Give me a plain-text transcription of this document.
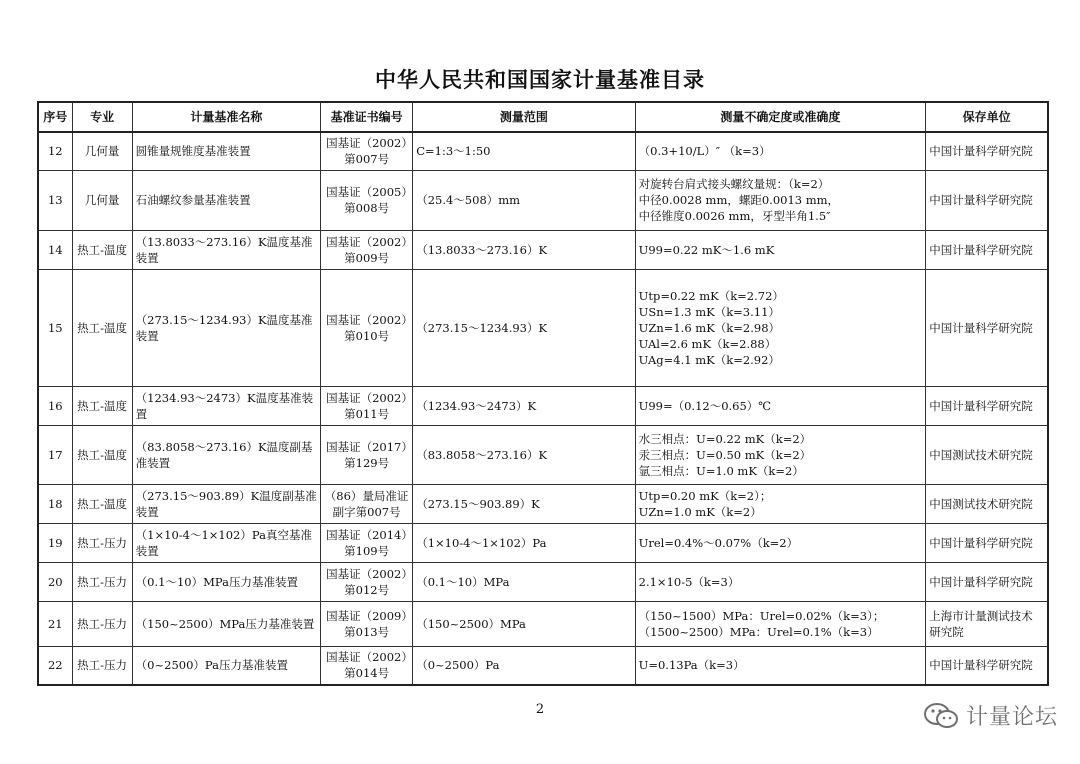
中华人民共和国国家计量基准目录
序号	专业	计量基准名称	基准证书编号	测量范围	测量不确定度或准确度	保存单位
12	几何量	圆锥量规锥度基准装置	国基证（2002）第007号	C=1:3～1:50	（0.3+10/L）″ （k=3）	中国计量科学研究院
13	几何量	石油螺纹参量基准装置	国基证（2005）第008号	（25.4～508）mm	对旋转台肩式接头螺纹量规：（k=2）
中径0.0028 mm，螺距0.0013 mm，
中径锥度0.0026 mm，牙型半角1.5″	中国计量科学研究院
14	热工-温度	（13.8033～273.16）K温度基准装置	国基证（2002）第009号	（13.8033～273.16）K	U99=0.22 mK～1.6 mK	中国计量科学研究院
15	热工-温度	（273.15～1234.93）K温度基准装置	国基证（2002）第010号	（273.15～1234.93）K	Utp=0.22 mK（k=2.72）
USn=1.3 mK（k=3.11）
UZn=1.6 mK（k=2.98）
UAl=2.6 mK（k=2.88）
UAg=4.1 mK（k=2.92）	中国计量科学研究院
16	热工-温度	（1234.93～2473）K温度基准装置	国基证（2002）第011号	（1234.93～2473）K	U99=（0.12～0.65）℃	中国计量科学研究院
17	热工-温度	（83.8058～273.16）K温度副基准装置	国基证（2017）第129号	（83.8058～273.16）K	水三相点：U=0.22 mK（k=2）
汞三相点：U=0.50 mK（k=2）
氩三相点：U=1.0 mK（k=2）	中国测试技术研究院
18	热工-温度	（273.15～903.89）K温度副基准装置	（86）量局准证副字第007号	（273.15～903.89）K	Utp=0.20 mK（k=2）；
UZn=1.0 mK（k=2）	中国测试技术研究院
19	热工-压力	（1×10-4～1×102）Pa真空基准装置	国基证（2014）第109号	（1×10-4～1×102）Pa	Urel=0.4%～0.07%（k=2）	中国计量科学研究院
20	热工-压力	（0.1～10）MPa压力基准装置	国基证（2002）第012号	（0.1～10）MPa	2.1×10-5（k=3）	中国计量科学研究院
21	热工-压力	（150~2500）MPa压力基准装置	国基证（2009）第013号	（150~2500）MPa	（150~1500）MPa：Urel=0.02%（k=3）；
（1500~2500）MPa：Urel=0.1%（k=3）	上海市计量测试技术研究院
22	热工-压力	（0~2500）Pa压力基准装置	国基证（2002）第014号	（0~2500）Pa	U=0.13Pa（k=3）	中国计量科学研究院
2	计量论坛
